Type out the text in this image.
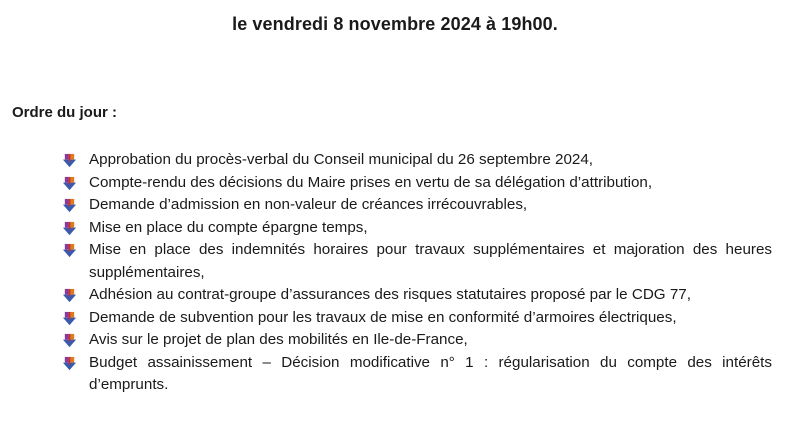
le vendredi 8 novembre 2024 à 19h00.
Ordre du jour :
Approbation du procès-verbal du Conseil municipal du 26 septembre 2024,
Compte-rendu des décisions du Maire prises en vertu de sa délégation d’attribution,
Demande d’admission en non-valeur de créances irrécouvrables,
Mise en place du compte épargne temps,
Mise en place des indemnités horaires pour travaux supplémentaires et majoration des heures supplémentaires,
Adhésion au contrat-groupe d’assurances des risques statutaires proposé par le CDG 77,
Demande de subvention pour les travaux de mise en conformité d’armoires électriques,
Avis sur le projet de plan des mobilités en Ile-de-France,
Budget assainissement – Décision modificative n° 1 : régularisation du compte des intérêts d’emprunts.
